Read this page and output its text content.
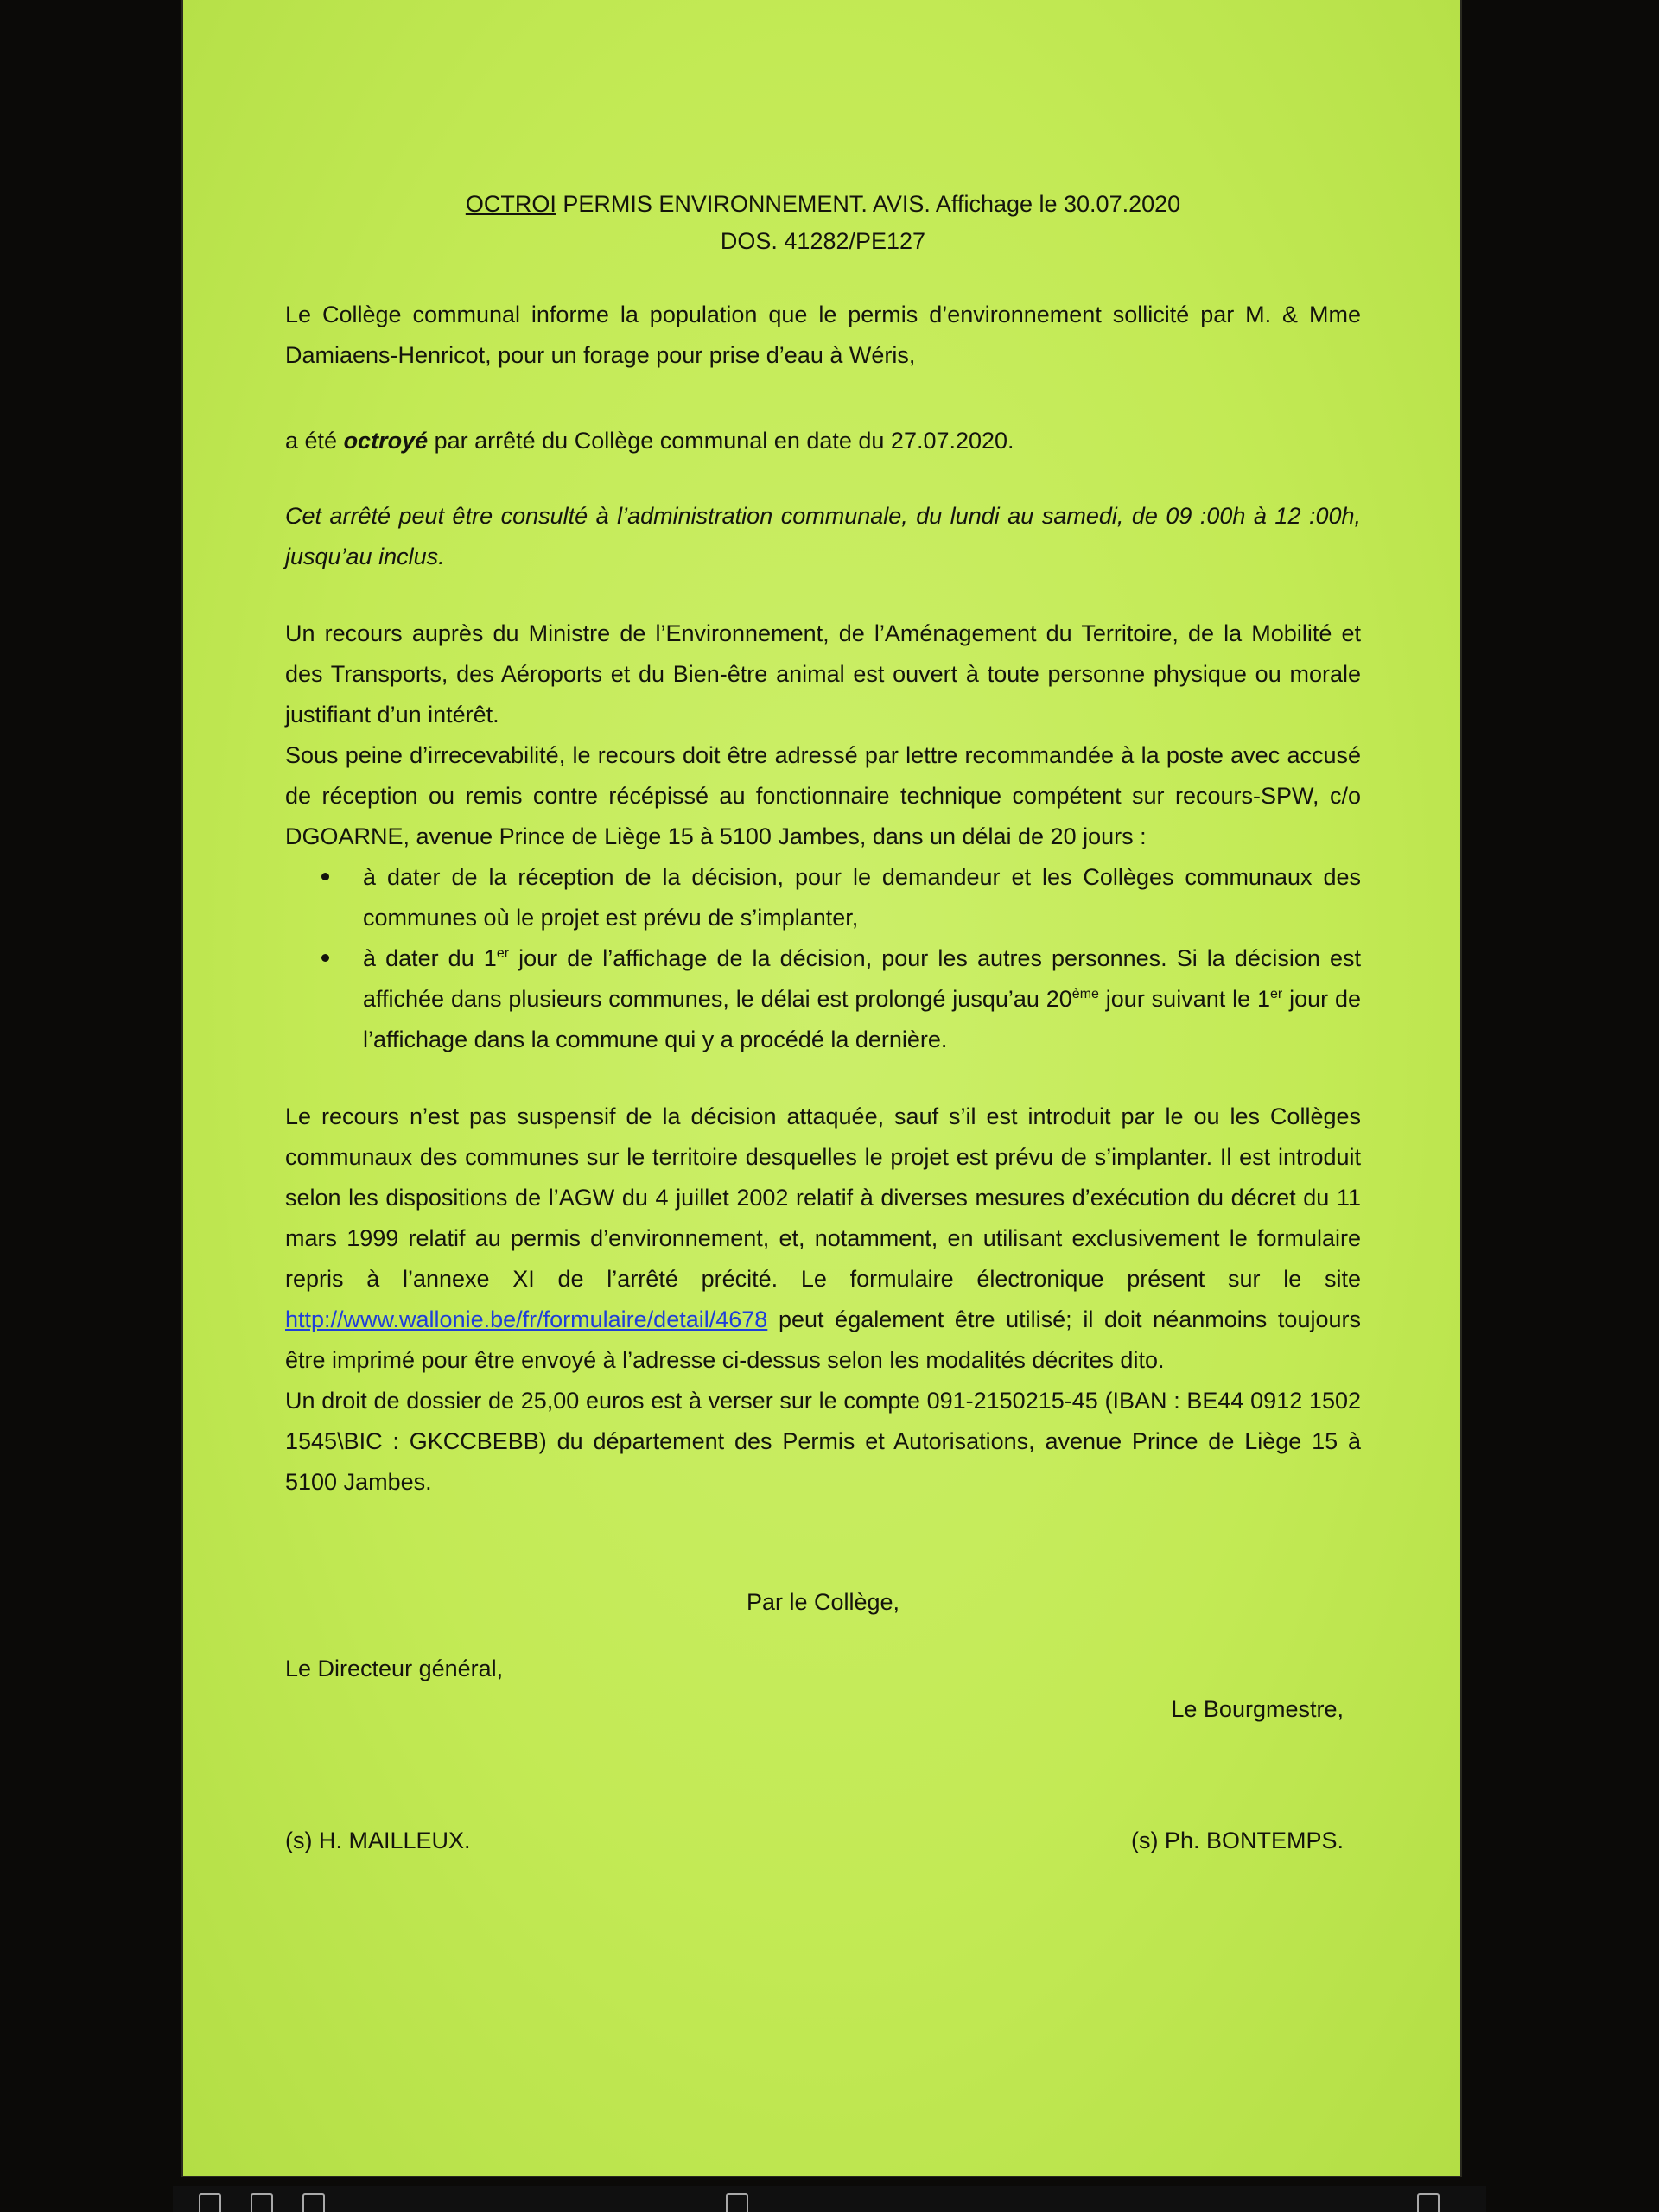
OCTROI PERMIS ENVIRONNEMENT. AVIS. Affichage le 30.07.2020

DOS. 41282/PE127

Le Collège communal informe la population que le permis d’environnement sollicité par M. & Mme Damiaens-Henricot, pour un forage pour prise d’eau à Wéris,

a été octroyé par arrêté du Collège communal en date du 27.07.2020.

Cet arrêté peut être consulté à l’administration communale, du lundi au samedi, de 09 :00h à 12 :00h, jusqu’au inclus.

Un recours auprès du Ministre de l’Environnement, de l’Aménagement du Territoire, de la Mobilité et des Transports, des Aéroports et du Bien-être animal est ouvert à toute personne physique ou morale justifiant d’un intérêt.

Sous peine d’irrecevabilité, le recours doit être adressé par lettre recommandée à la poste avec accusé de réception ou remis contre récépissé au fonctionnaire technique compétent sur recours-SPW, c/o DGOARNE, avenue Prince de Liège 15 à 5100 Jambes, dans un délai de 20 jours :

à dater de la réception de la décision, pour le demandeur et les Collèges communaux des communes où le projet est prévu de s’implanter,
à dater du 1er jour de l’affichage de la décision, pour les autres personnes. Si la décision est affichée dans plusieurs communes, le délai est prolongé jusqu’au 20ème jour suivant le 1er jour de l’affichage dans la commune qui y a procédé la dernière.

Le recours n’est pas suspensif de la décision attaquée, sauf s’il est introduit par le ou les Collèges communaux des communes sur le territoire desquelles le projet est prévu de s’implanter. Il est introduit selon les dispositions de l’AGW du 4 juillet 2002 relatif à diverses mesures d’exécution du décret du 11 mars 1999 relatif au permis d’environnement, et, notamment, en utilisant exclusivement le formulaire repris à l’annexe XI de l’arrêté précité. Le formulaire électronique présent sur le site http://www.wallonie.be/fr/formulaire/detail/4678 peut également être utilisé; il doit néanmoins toujours être imprimé pour être envoyé à l’adresse ci-dessus selon les modalités décrites dito.

Un droit de dossier de 25,00 euros est à verser sur le compte 091-2150215-45 (IBAN : BE44 0912 1502 1545\BIC : GKCCBEBB) du département des Permis et Autorisations, avenue Prince de Liège 15 à 5100 Jambes.

Par le Collège,

Le Directeur général,
Le Bourgmestre,
(s) H. MAILLEUX.	(s) Ph. BONTEMPS.
